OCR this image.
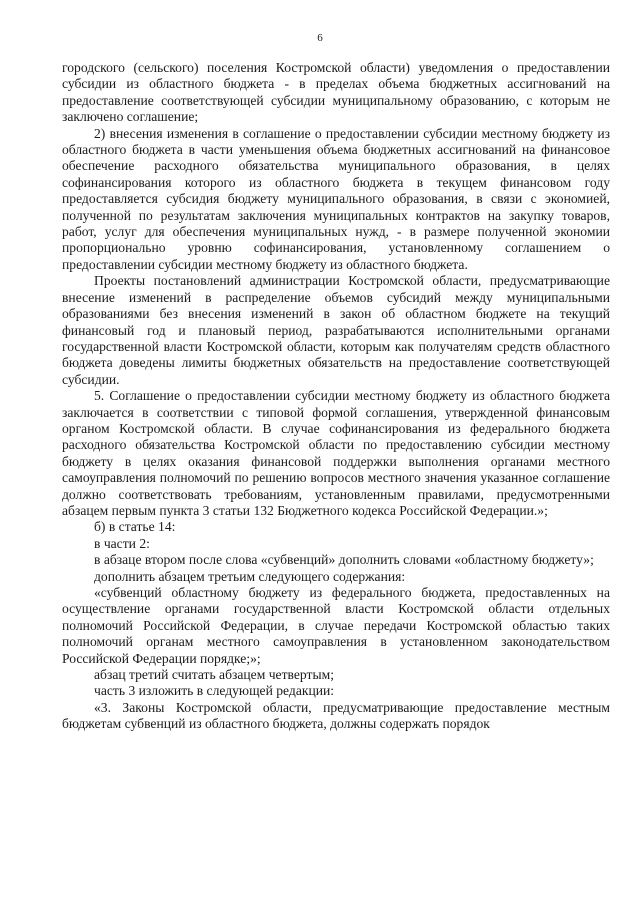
6

городского (сельского) поселения Костромской области) уведомления о предоставлении субсидии из областного бюджета - в пределах объема бюджетных ассигнований на предоставление соответствующей субсидии муниципальному образованию, с которым не заключено соглашение;

2) внесения изменения в соглашение о предоставлении субсидии местному бюджету из областного бюджета в части уменьшения объема бюджетных ассигнований на финансовое обеспечение расходного обязательства муниципального образования, в целях софинансирования которого из областного бюджета в текущем финансовом году предоставляется субсидия бюджету муниципального образования, в связи с экономией, полученной по результатам заключения муниципальных контрактов на закупку товаров, работ, услуг для обеспечения муниципальных нужд, - в размере полученной экономии пропорционально уровню софинансирования, установленному соглашением о предоставлении субсидии местному бюджету из областного бюджета.

Проекты постановлений администрации Костромской области, предусматривающие внесение изменений в распределение объемов субсидий между муниципальными образованиями без внесения изменений в закон об областном бюджете на текущий финансовый год и плановый период, разрабатываются исполнительными органами государственной власти Костромской области, которым как получателям средств областного бюджета доведены лимиты бюджетных обязательств на предоставление соответствующей субсидии.

5. Соглашение о предоставлении субсидии местному бюджету из областного бюджета заключается в соответствии с типовой формой соглашения, утвержденной финансовым органом Костромской области. В случае софинансирования из федерального бюджета расходного обязательства Костромской области по предоставлению субсидии местному бюджету в целях оказания финансовой поддержки выполнения органами местного самоуправления полномочий по решению вопросов местного значения указанное соглашение должно соответствовать требованиям, установленным правилами, предусмотренными абзацем первым пункта 3 статьи 132 Бюджетного кодекса Российской Федерации.»;

б) в статье 14:

в части 2:

в абзаце втором после слова «субвенций» дополнить словами «областному бюджету»;

дополнить абзацем третьим следующего содержания:

«субвенций областному бюджету из федерального бюджета, предоставленных на осуществление органами государственной власти Костромской области отдельных полномочий Российской Федерации, в случае передачи Костромской областью таких полномочий органам местного самоуправления в установленном законодательством Российской Федерации порядке;»;

абзац третий считать абзацем четвертым;

часть 3 изложить в следующей редакции:

«3. Законы Костромской области, предусматривающие предоставление местным бюджетам субвенций из областного бюджета, должны содержать порядок
